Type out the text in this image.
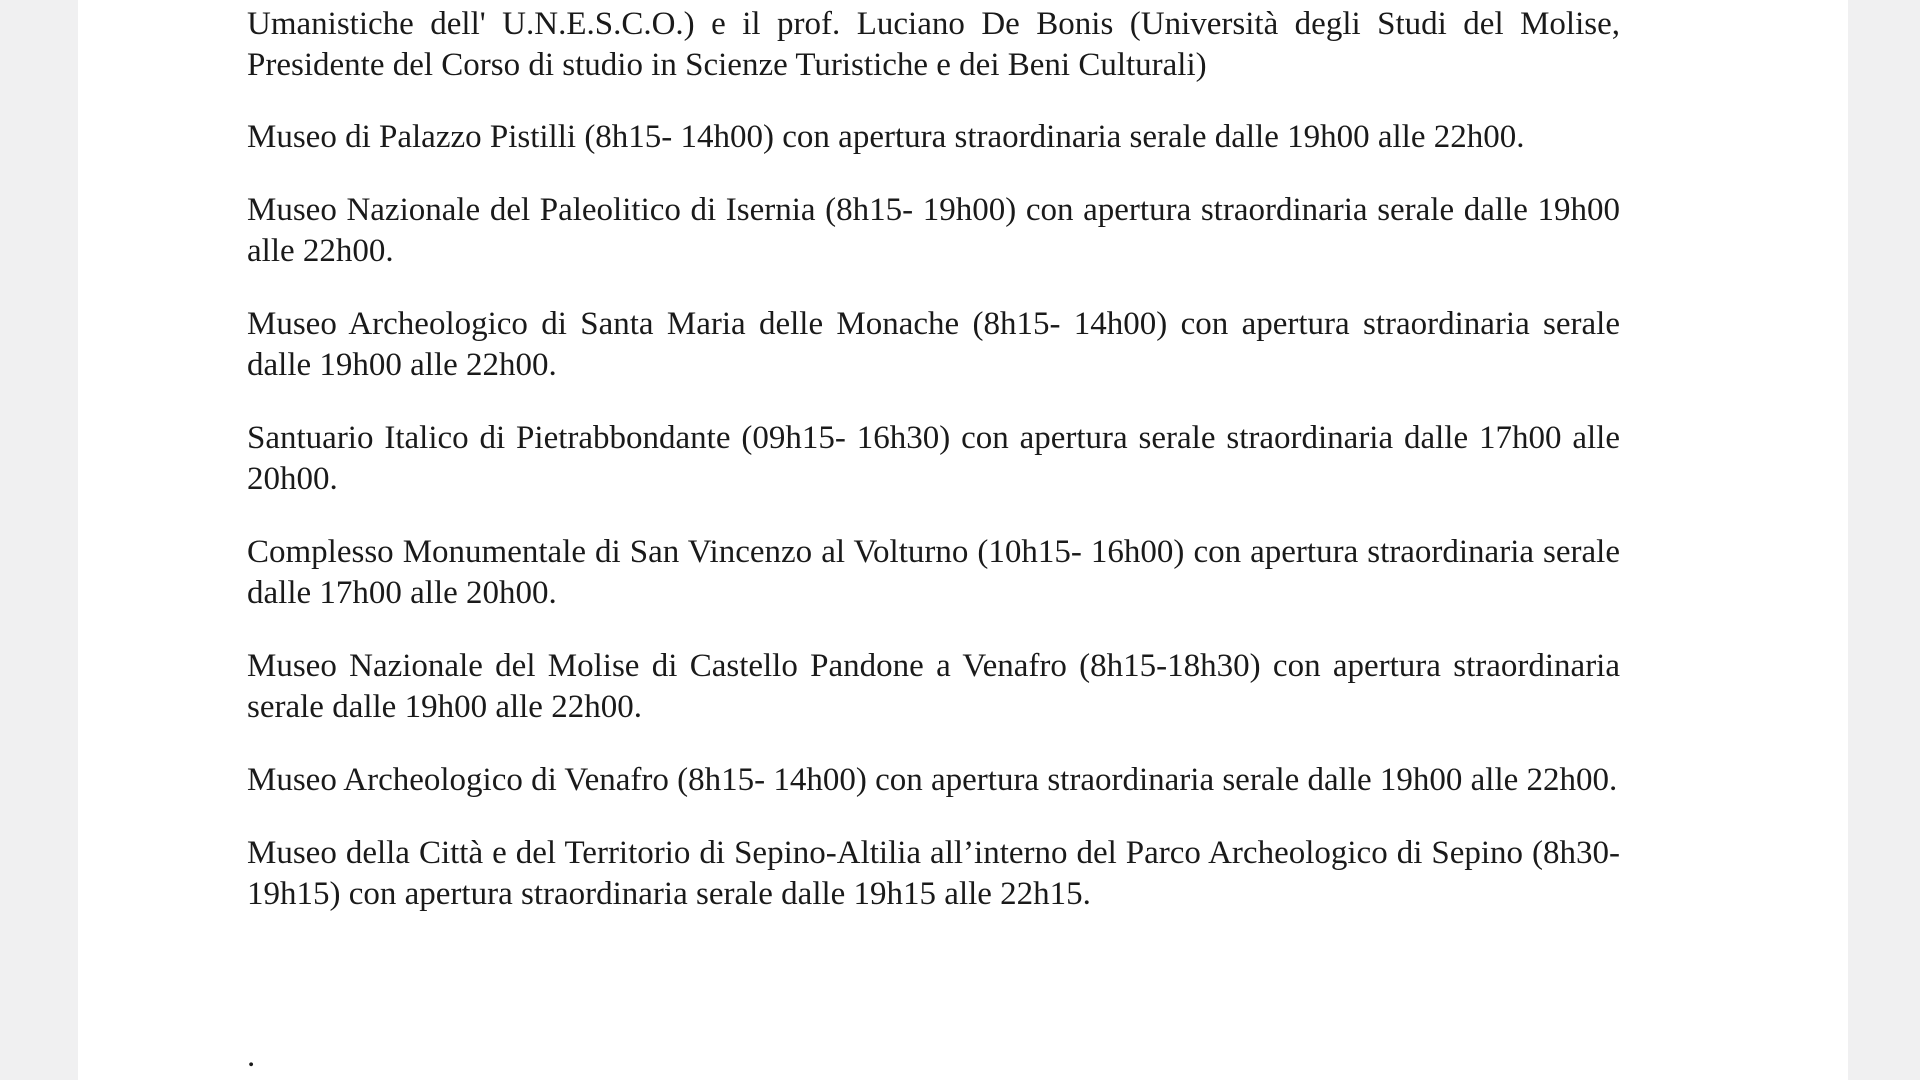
Umanistiche dell' U.N.E.S.C.O.) e il prof. Luciano De Bonis (Università degli Studi del Molise,

Presidente del Corso di studio in Scienze Turistiche e dei Beni Culturali)

Museo di Palazzo Pistilli (8h15- 14h00) con apertura straordinaria serale dalle 19h00 alle 22h00.

Museo Nazionale del Paleolitico di Isernia (8h15- 19h00) con apertura straordinaria serale dalle 19h00 alle 22h00.

Museo Archeologico di Santa Maria delle Monache (8h15- 14h00) con apertura straordinaria serale dalle 19h00 alle 22h00.

Santuario Italico di Pietrabbondante (09h15- 16h30) con apertura serale straordinaria dalle 17h00 alle 20h00.

Complesso Monumentale di San Vincenzo al Volturno (10h15- 16h00) con apertura straordinaria serale dalle 17h00 alle 20h00.

Museo Nazionale del Molise di Castello Pandone a Venafro (8h15-18h30) con apertura straordinaria serale dalle 19h00 alle 22h00.

Museo Archeologico di Venafro (8h15- 14h00) con apertura straordinaria serale dalle 19h00 alle 22h00.

Museo della Città e del Territorio di Sepino-Altilia all’interno del Parco Archeologico di Sepino (8h30- 19h15) con apertura straordinaria serale dalle 19h15 alle 22h15.

.
